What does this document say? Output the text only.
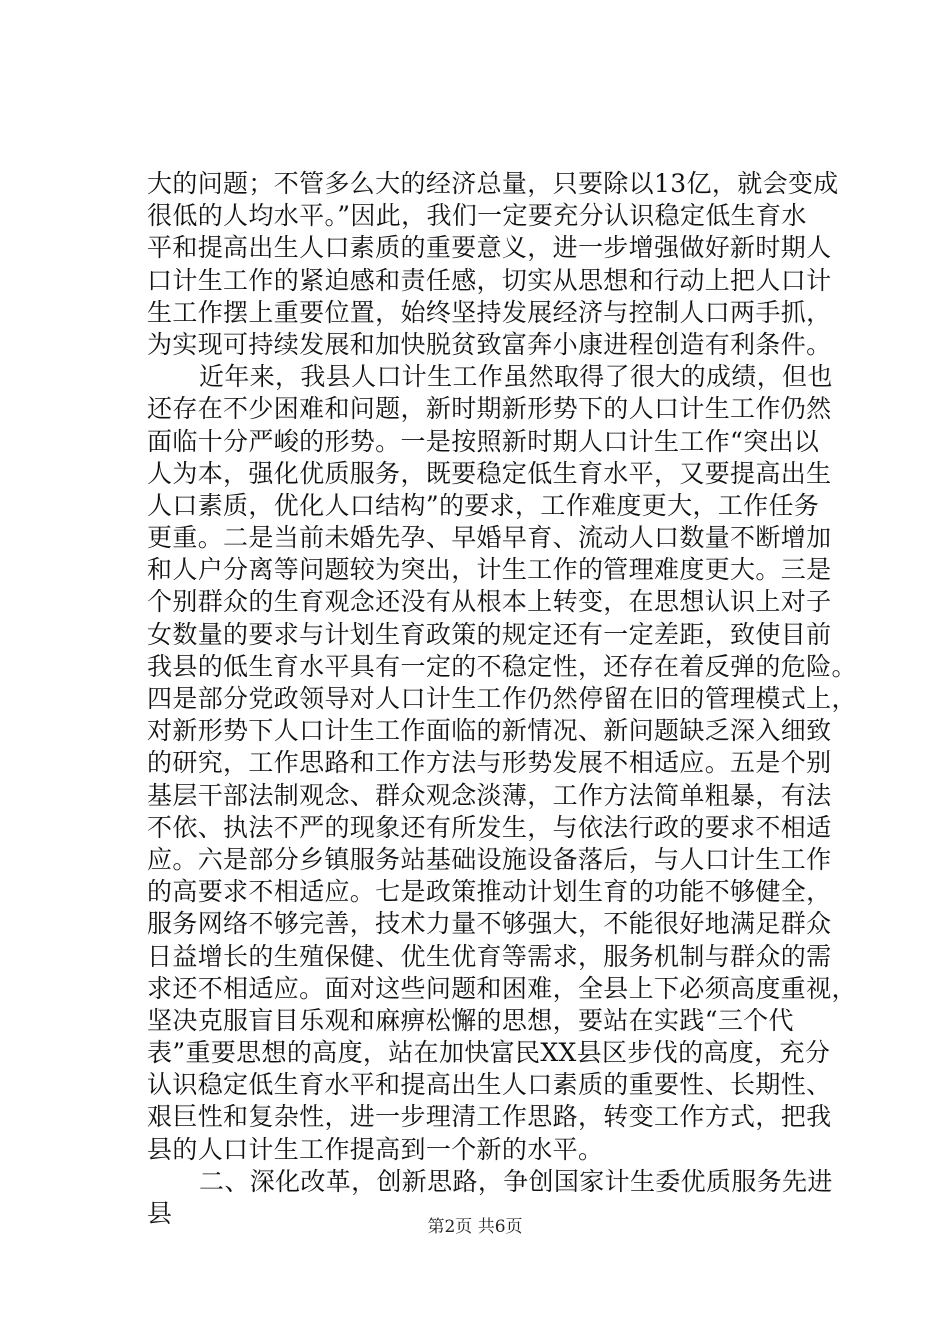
大的问题；不管多么大的经济总量，只要除以13亿，就会变成
很低的人均水平。”因此，我们一定要充分认识稳定低生育水
平和提高出生人口素质的重要意义，进一步增强做好新时期人
口计生工作的紧迫感和责任感，切实从思想和行动上把人口计
生工作摆上重要位置，始终坚持发展经济与控制人口两手抓，
为实现可持续发展和加快脱贫致富奔小康进程创造有利条件。
近年来，我县人口计生工作虽然取得了很大的成绩，但也
还存在不少困难和问题，新时期新形势下的人口计生工作仍然
面临十分严峻的形势。一是按照新时期人口计生工作“突出以
人为本，强化优质服务，既要稳定低生育水平，又要提高出生
人口素质，优化人口结构”的要求，工作难度更大，工作任务
更重。二是当前未婚先孕、早婚早育、流动人口数量不断增加
和人户分离等问题较为突出，计生工作的管理难度更大。三是
个别群众的生育观念还没有从根本上转变，在思想认识上对子
女数量的要求与计划生育政策的规定还有一定差距，致使目前
我县的低生育水平具有一定的不稳定性，还存在着反弹的危险。
四是部分党政领导对人口计生工作仍然停留在旧的管理模式上，
对新形势下人口计生工作面临的新情况、新问题缺乏深入细致
的研究，工作思路和工作方法与形势发展不相适应。五是个别
基层干部法制观念、群众观念淡薄，工作方法简单粗暴，有法
不依、执法不严的现象还有所发生，与依法行政的要求不相适
应。六是部分乡镇服务站基础设施设备落后，与人口计生工作
的高要求不相适应。七是政策推动计划生育的功能不够健全，
服务网络不够完善，技术力量不够强大，不能很好地满足群众
日益增长的生殖保健、优生优育等需求，服务机制与群众的需
求还不相适应。面对这些问题和困难，全县上下必须高度重视，
坚决克服盲目乐观和麻痹松懈的思想，要站在实践“三个代
表”重要思想的高度，站在加快富民XX县区步伐的高度，充分
认识稳定低生育水平和提高出生人口素质的重要性、长期性、
艰巨性和复杂性，进一步理清工作思路，转变工作方式，把我
县的人口计生工作提高到一个新的水平。
二、深化改革，创新思路，争创国家计生委优质服务先进
县	第2页 共6页
